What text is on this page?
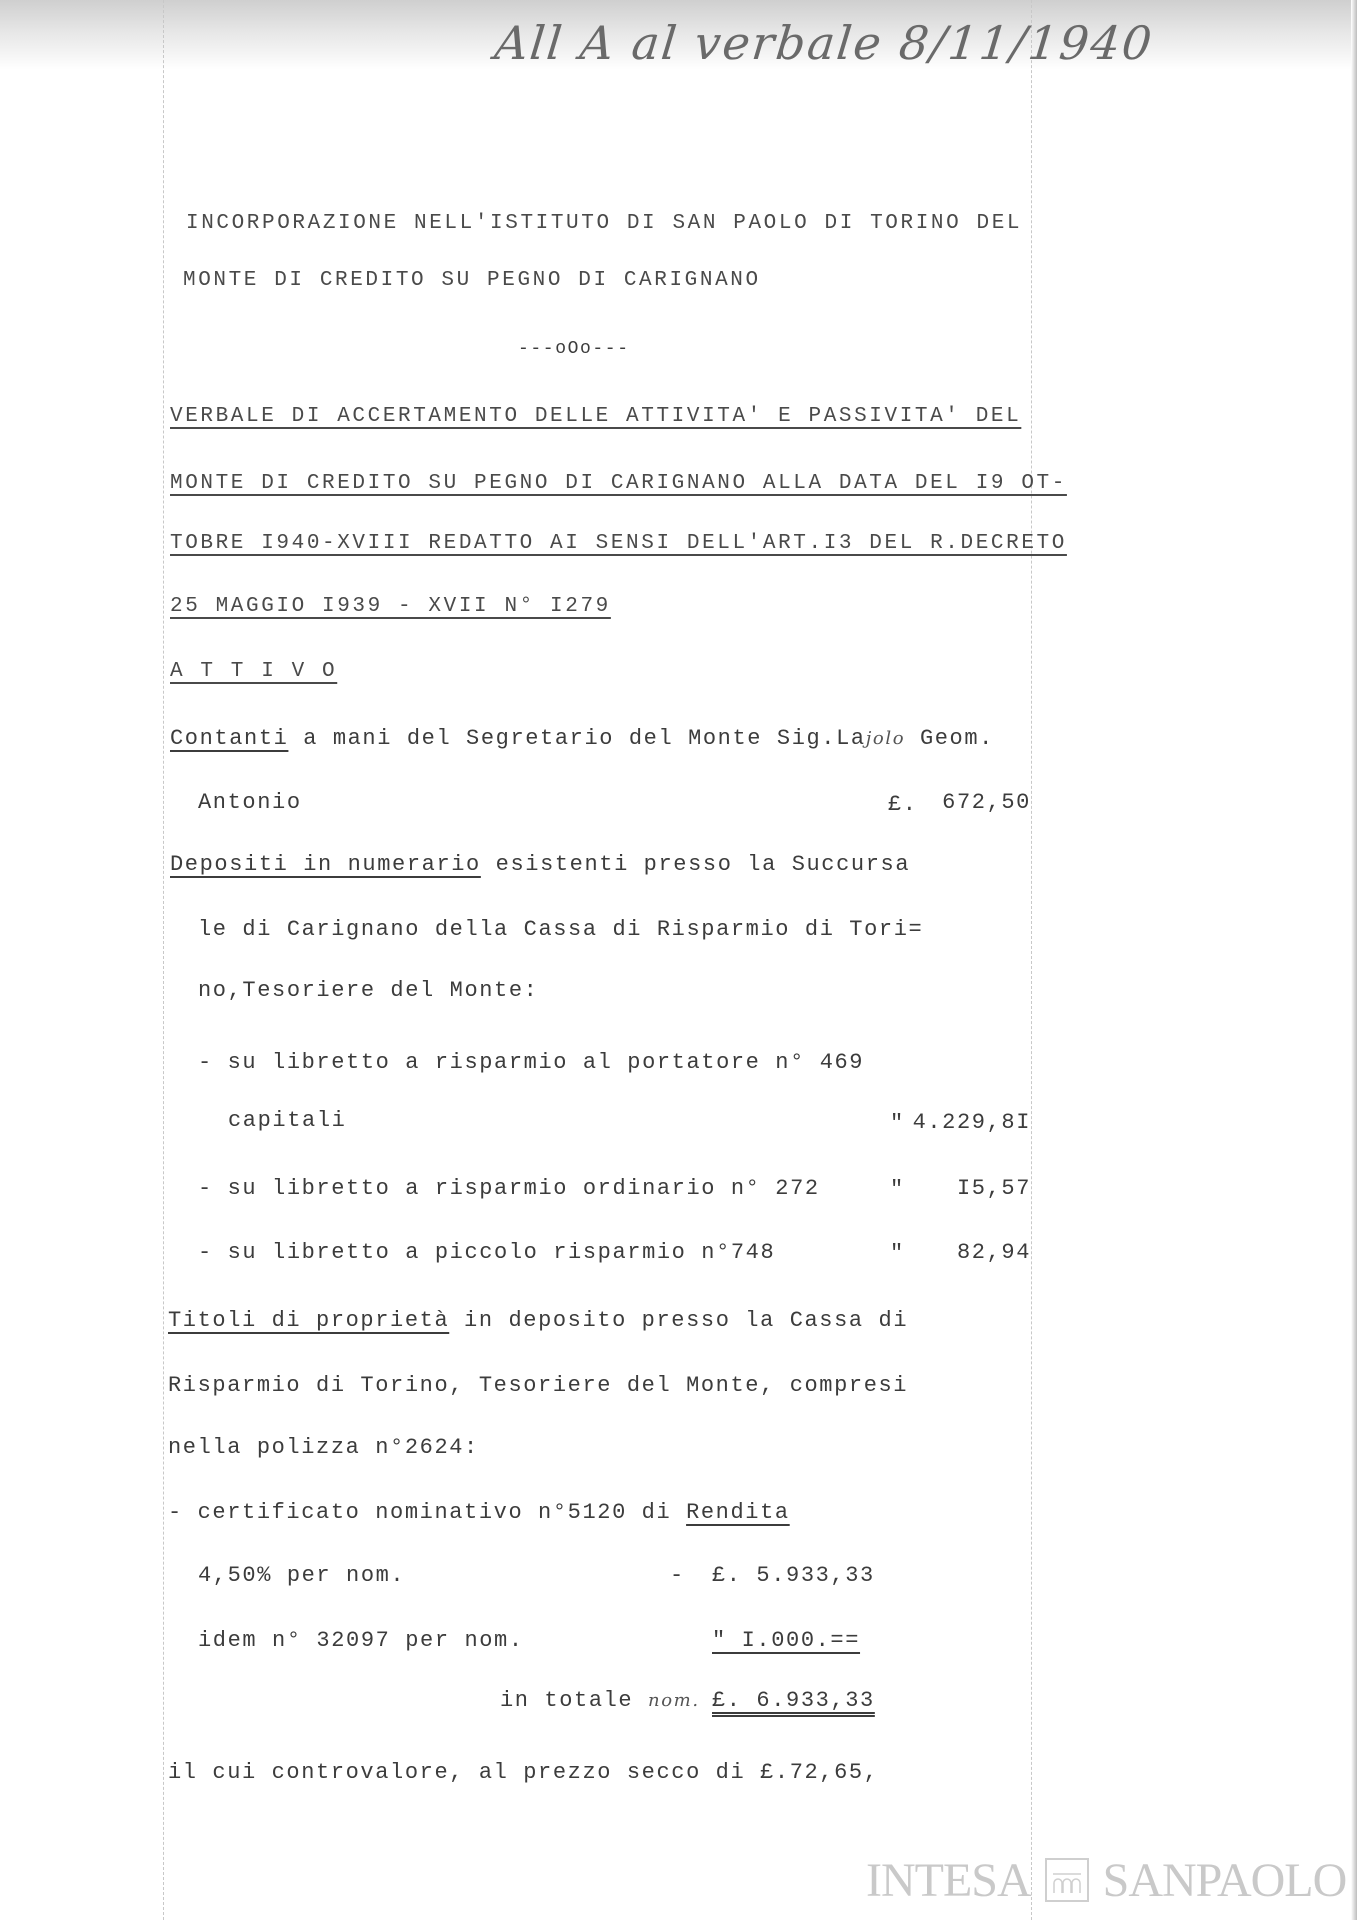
All A al verbale 8/11/1940
INCORPORAZIONE NELL'ISTITUTO DI SAN PAOLO DI TORINO DEL
MONTE DI CREDITO SU PEGNO DI CARIGNANO
---oOo---
VERBALE DI ACCERTAMENTO DELLE ATTIVITA' E PASSIVITA' DEL
MONTE DI CREDITO SU PEGNO DI CARIGNANO ALLA DATA DEL I9 OT-
TOBRE I940-XVIII REDATTO AI SENSI DELL'ART.I3 DEL R.DECRETO
25 MAGGIO I939 - XVII N° I279
A T T I V O
Contanti a mani del Segretario del Monte Sig.Lajolo Geom.
Antonio	£. 672,50
Depositi in numerario esistenti presso la Succursa
le di Carignano della Cassa di Risparmio di Tori=
no,Tesoriere del Monte:
- su libretto a risparmio al portatore n° 469
capitali	" 4.229,8I
- su libretto a risparmio ordinario n° 272	" I5,57
- su libretto a piccolo risparmio n°748	" 82,94
Titoli di proprietà in deposito presso la Cassa di
Risparmio di Torino, Tesoriere del Monte, compresi
nella polizza n°2624:
- certificato nominativo n°5120 di Rendita
4,50% per nom.	- £. 5.933,33
idem n° 32097 per nom.	" I.000.==
in totale nom. £. 6.933,33
il cui controvalore, al prezzo secco di £.72,65,
INTESA SANPAOLO
